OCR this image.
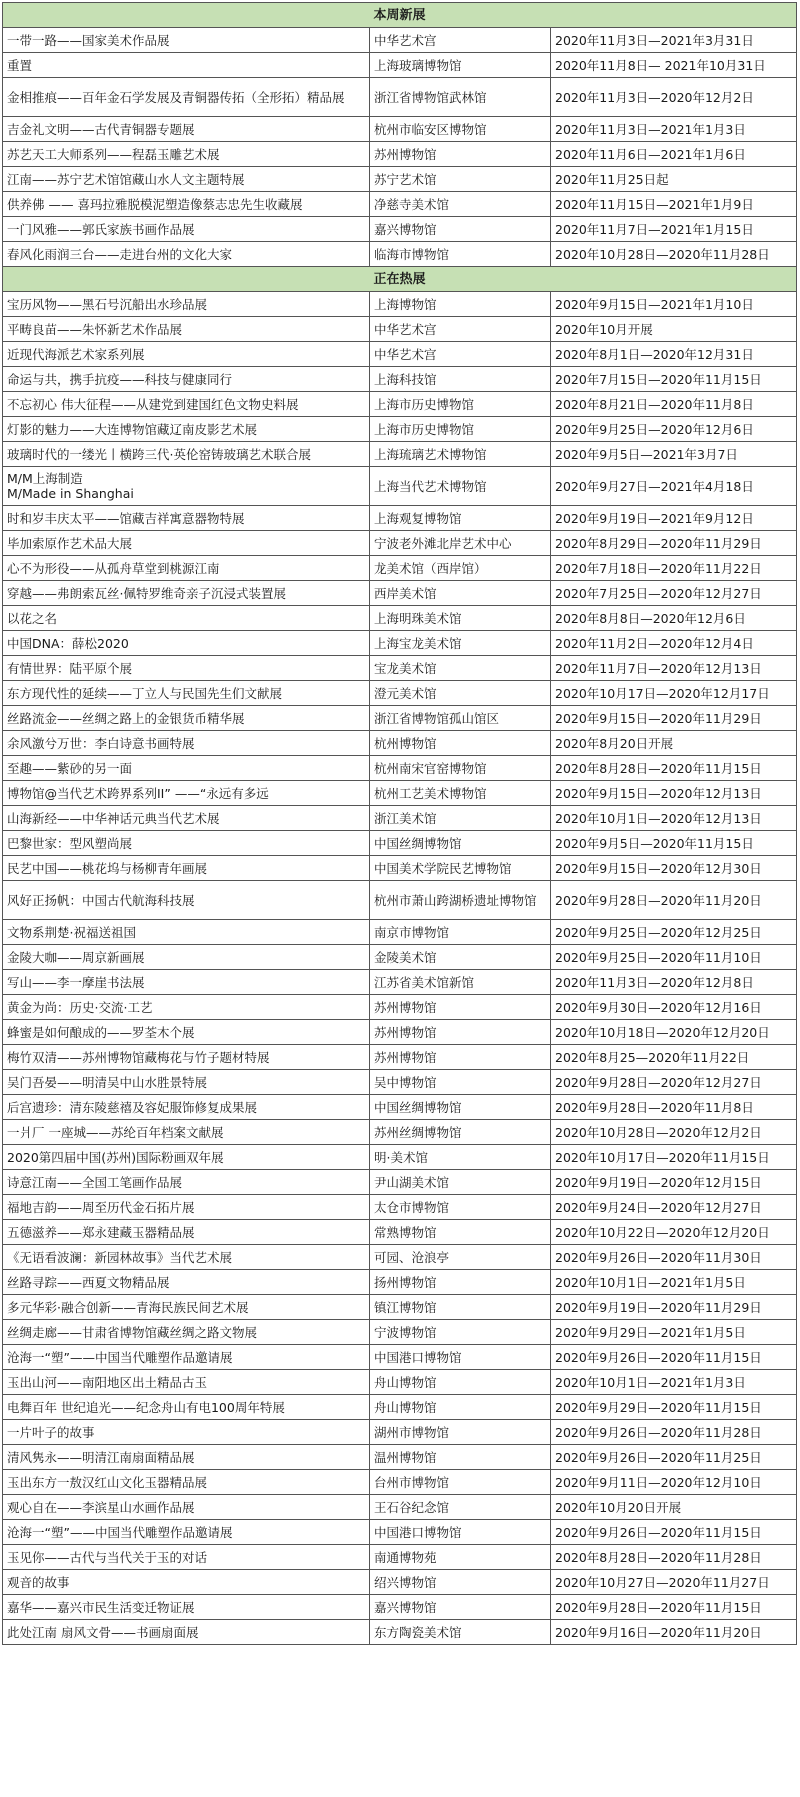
本周新展		
一带一路——国家美术作品展	中华艺术宫	2020年11月3日—2021年3月31日
重置	上海玻璃博物馆	2020年11月8日— 2021年10月31日
金相推痕——百年金石学发展及青铜器传拓（全形拓）精品展	浙江省博物馆武林馆	2020年11月3日—2020年12月2日
吉金礼文明——古代青铜器专题展	杭州市临安区博物馆	2020年11月3日—2021年1月3日
苏艺天工大师系列——程磊玉雕艺术展	苏州博物馆	2020年11月6日—2021年1月6日
江南——苏宁艺术馆馆藏山水人文主题特展	苏宁艺术馆	2020年11月25日起
供养佛 —— 喜玛拉雅脱模泥塑造像蔡志忠先生收藏展	净慈寺美术馆	2020年11月15日—2021年1月9日
一门风雅——郭氏家族书画作品展	嘉兴博物馆	2020年11月7日—2021年1月15日
春风化雨润三台——走进台州的文化大家	临海市博物馆	2020年10月28日—2020年11月28日
正在热展		
宝历风物——黑石号沉船出水珍品展	上海博物馆	2020年9月15日—2021年1月10日
平畴良苗——朱怀新艺术作品展	中华艺术宫	2020年10月开展
近现代海派艺术家系列展	中华艺术宫	2020年8月1日—2020年12月31日
命运与共，携手抗疫——科技与健康同行	上海科技馆	2020年7月15日—2020年11月15日
不忘初心 伟大征程——从建党到建国红色文物史料展	上海市历史博物馆	2020年8月21日—2020年11月8日
灯影的魅力——大连博物馆藏辽南皮影艺术展	上海市历史博物馆	2020年9月25日—2020年12月6日
玻璃时代的一缕光丨横跨三代·英伦窑铸玻璃艺术联合展	上海琉璃艺术博物馆	2020年9月5日—2021年3月7日
M/M上海制造
M/Made in Shanghai	上海当代艺术博物馆	2020年9月27日—2021年4月18日
时和岁丰庆太平——馆藏吉祥寓意器物特展	上海观复博物馆	2020年9月19日—2021年9月12日
毕加索原作艺术品大展	宁波老外滩北岸艺术中心	2020年8月29日—2020年11月29日
心不为形役——从孤舟草堂到桃源江南	龙美术馆（西岸馆）	2020年7月18日—2020年11月22日
穿越——弗朗索瓦丝·佩特罗维奇亲子沉浸式装置展	西岸美术馆	2020年7月25日—2020年12月27日
以花之名	上海明珠美术馆	2020年8月8日—2020年12月6日
中国DNA：薛松2020	上海宝龙美术馆	2020年11月2日—2020年12月4日
有情世界：陆平原个展	宝龙美术馆	2020年11月7日—2020年12月13日
东方现代性的延续——丁立人与民国先生们文献展	澄元美术馆	2020年10月17日—2020年12月17日
丝路流金——丝绸之路上的金银货币精华展	浙江省博物馆孤山馆区	2020年9月15日—2020年11月29日
余风激兮万世：李白诗意书画特展	杭州博物馆	2020年8月20日开展
至趣——紫砂的另一面	杭州南宋官窑博物馆	2020年8月28日—2020年11月15日
博物馆@当代艺术跨界系列II” ——“永远有多远	杭州工艺美术博物馆	2020年9月15日—2020年12月13日
山海新经——中华神话元典当代艺术展	浙江美术馆	2020年10月1日—2020年12月13日
巴黎世家：型风塑尚展	中国丝绸博物馆	2020年9月5日—2020年11月15日
民艺中国——桃花坞与杨柳青年画展	中国美术学院民艺博物馆	2020年9月15日—2020年12月30日
风好正扬帆：中国古代航海科技展	杭州市萧山跨湖桥遗址博物馆	2020年9月28日—2020年11月20日
文物系荆楚·祝福送祖国	南京市博物馆	2020年9月25日—2020年12月25日
金陵大咖——周京新画展	金陵美术馆	2020年9月25日—2020年11月10日
写山——李一摩崖书法展	江苏省美术馆新馆	2020年11月3日—2020年12月8日
黄金为尚：历史·交流·工艺	苏州博物馆	2020年9月30日—2020年12月16日
蜂蜜是如何酿成的——罗荃木个展	苏州博物馆	2020年10月18日—2020年12月20日
梅竹双清——苏州博物馆藏梅花与竹子题材特展	苏州博物馆	2020年8月25—2020年11月22日
吴门吾晏——明清吴中山水胜景特展	吴中博物馆	2020年9月28日—2020年12月27日
后宫遗珍：清东陵慈禧及容妃服饰修复成果展	中国丝绸博物馆	2020年9月28日—2020年11月8日
一爿厂 一座城——苏纶百年档案文献展	苏州丝绸博物馆	2020年10月28日—2020年12月2日
2020第四届中国(苏州)国际粉画双年展	明·美术馆	2020年10月17日—2020年11月15日
诗意江南——全国工笔画作品展	尹山湖美术馆	2020年9月19日—2020年12月15日
福地吉韵——周至历代金石拓片展	太仓市博物馆	2020年9月24日—2020年12月27日
五德滋养——郑永建藏玉器精品展	常熟博物馆	2020年10月22日—2020年12月20日
《无语看波澜：新园林故事》当代艺术展	可园、沧浪亭	2020年9月26日—2020年11月30日
丝路寻踪——西夏文物精品展	扬州博物馆	2020年10月1日—2021年1月5日
多元华彩·融合创新——青海民族民间艺术展	镇江博物馆	2020年9月19日—2020年11月29日
丝绸走廊——甘肃省博物馆藏丝绸之路文物展	宁波博物馆	2020年9月29日—2021年1月5日
沧海一“塑”——中国当代雕塑作品邀请展	中国港口博物馆	2020年9月26日—2020年11月15日
玉出山河——南阳地区出土精品古玉	舟山博物馆	2020年10月1日—2021年1月3日
电舞百年 世纪追光——纪念舟山有电100周年特展	舟山博物馆	2020年9月29日—2020年11月15日
一片叶子的故事	湖州市博物馆	2020年9月26日—2020年11月28日
清风隽永——明清江南扇面精品展	温州博物馆	2020年9月26日—2020年11月25日
玉出东方一敖汉红山文化玉器精品展	台州市博物馆	2020年9月11日—2020年12月10日
观心自在——李滨星山水画作品展	王石谷纪念馆	2020年10月20日开展
沧海一“塑”——中国当代雕塑作品邀请展	中国港口博物馆	2020年9月26日—2020年11月15日
玉见你——古代与当代关于玉的对话	南通博物苑	2020年8月28日—2020年11月28日
观音的故事	绍兴博物馆	2020年10月27日—2020年11月27日
嘉华——嘉兴市民生活变迁物证展	嘉兴博物馆	2020年9月28日—2020年11月15日
此处江南 扇风文骨——书画扇面展	东方陶瓷美术馆	2020年9月16日—2020年11月20日
